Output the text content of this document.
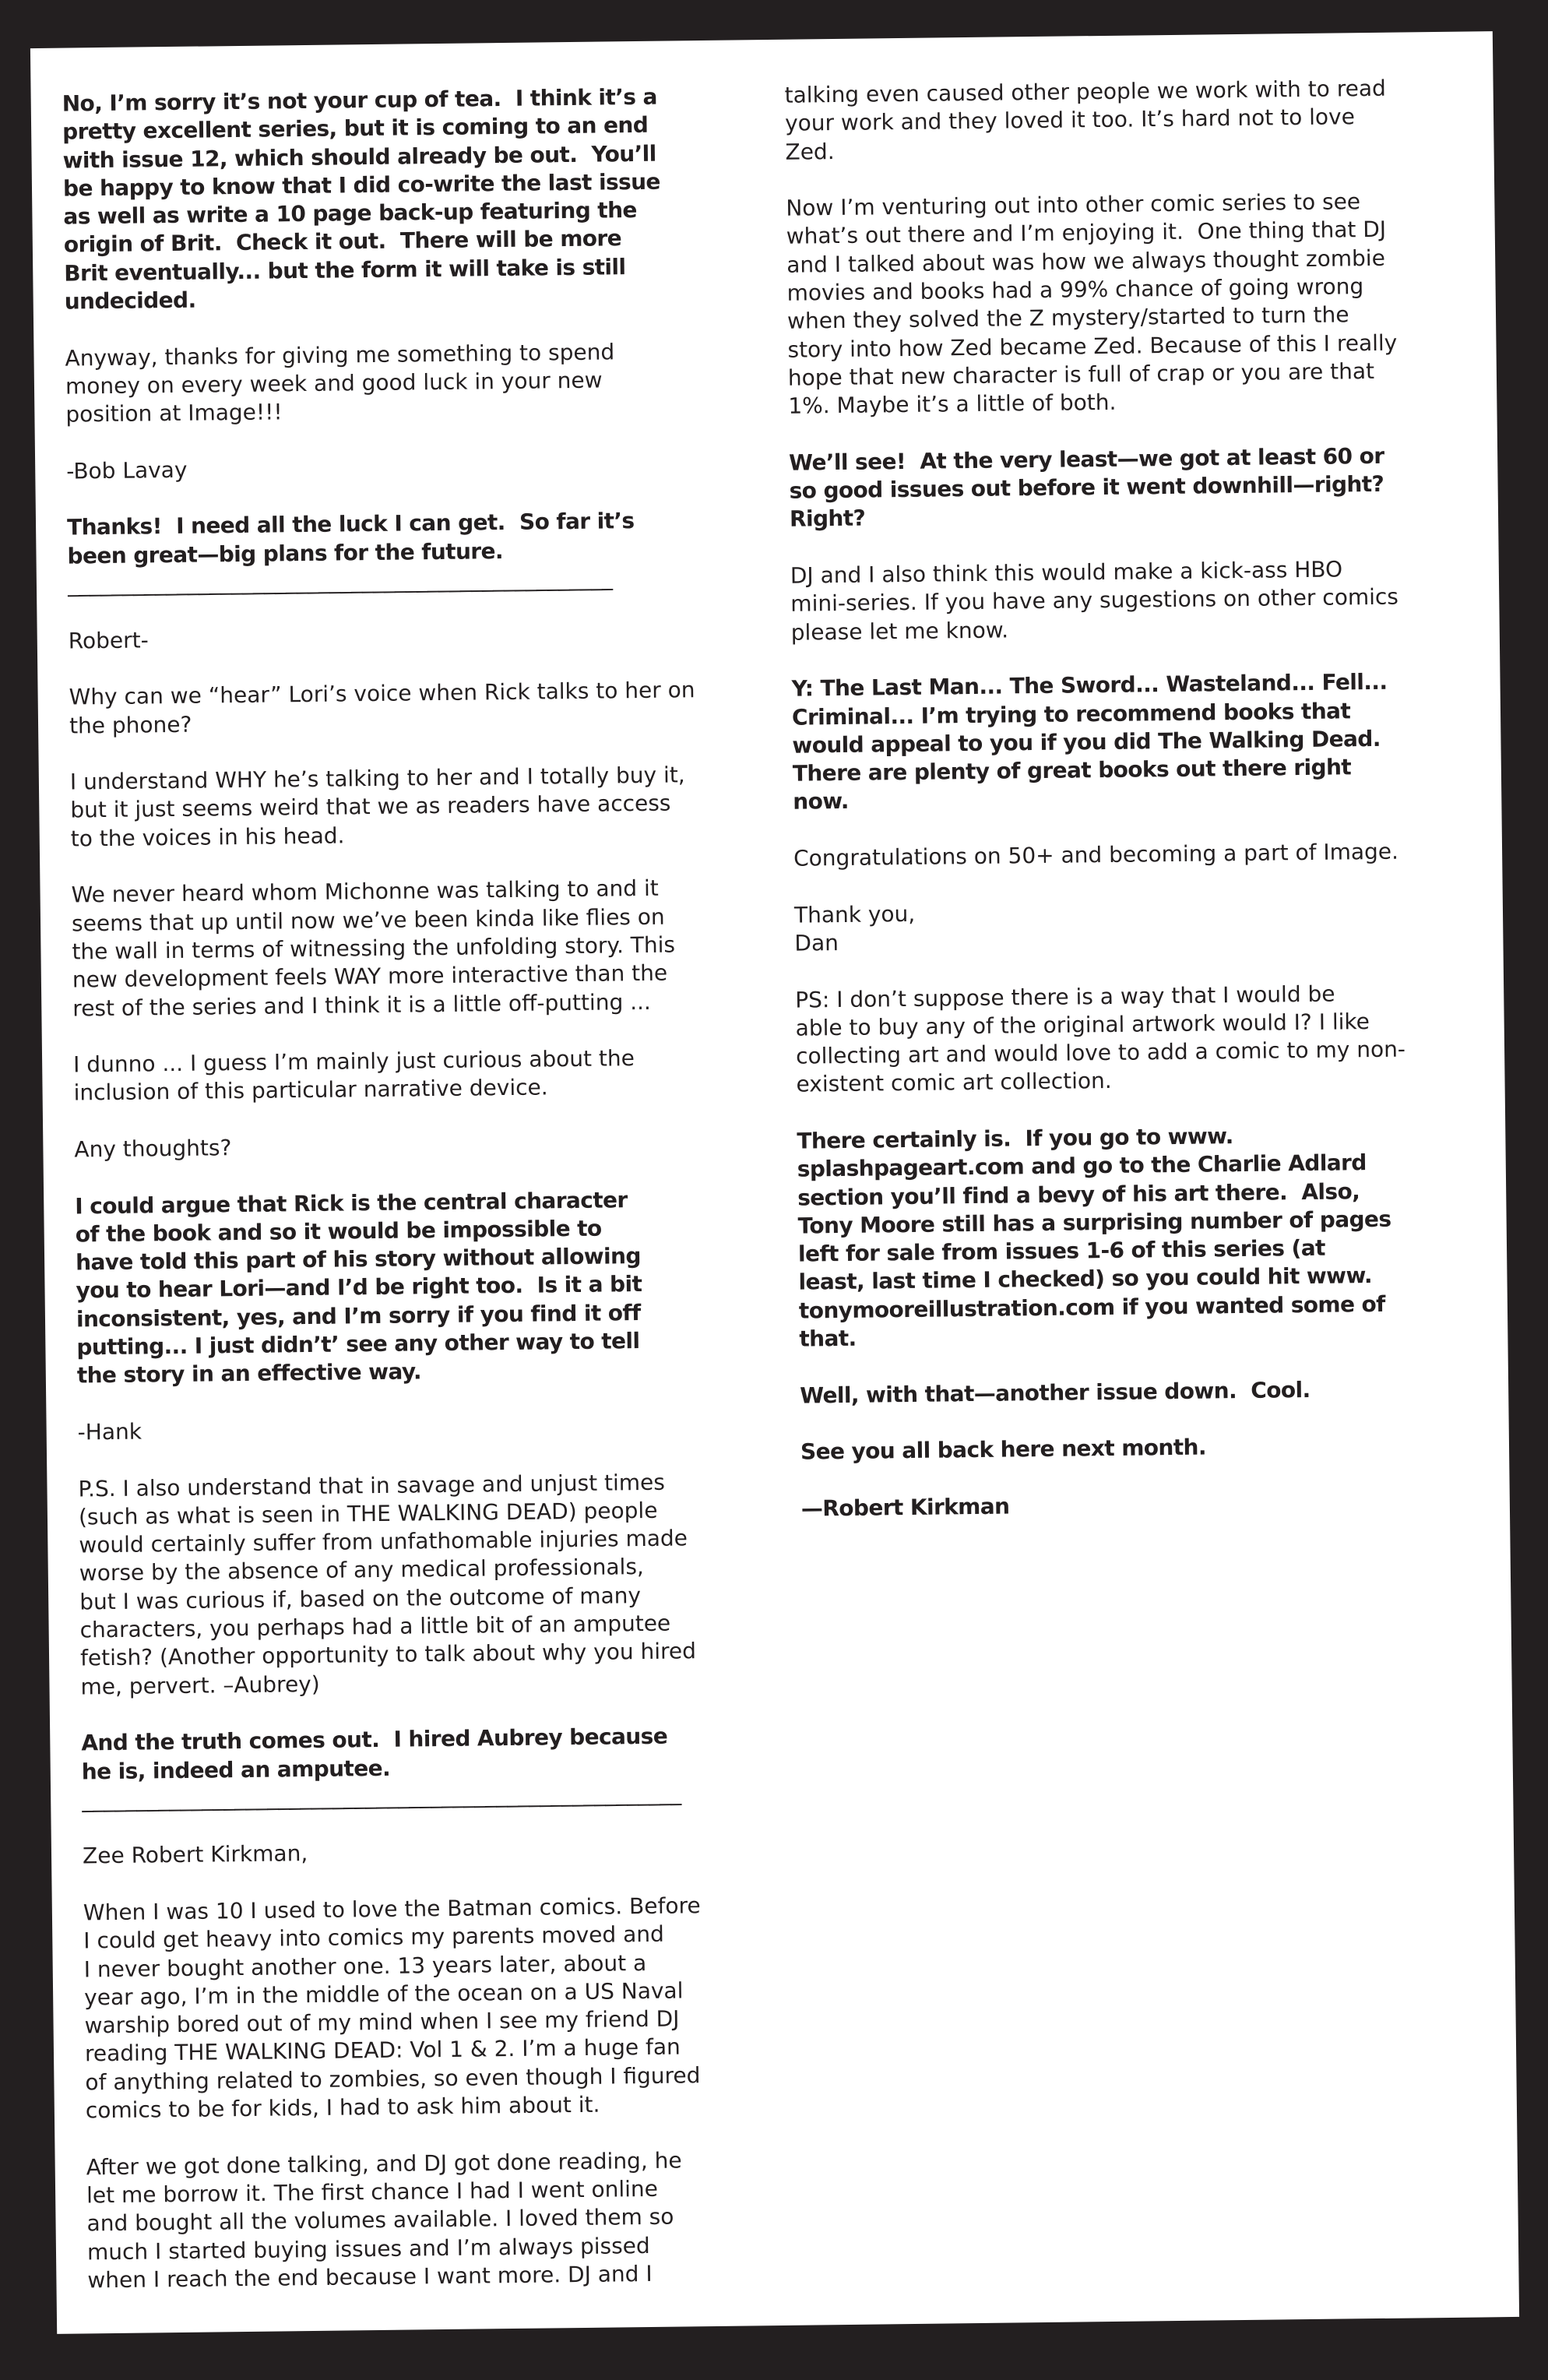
No, I’m sorry it’s not your cup of tea.  I think it’s a
pretty excellent series, but it is coming to an end
with issue 12, which should already be out.  You’ll
be happy to know that I did co-write the last issue
as well as write a 10 page back-up featuring the
origin of Brit.  Check it out.  There will be more
Brit eventually... but the form it will take is still
undecided.
Anyway, thanks for giving me something to spend
money on every week and good luck in your new
position at Image!!!
-Bob Lavay
Thanks!  I need all the luck I can get.  So far it’s
been great—big plans for the future.
__________________________________________________
Robert-
Why can we “hear” Lori’s voice when Rick talks to her on
the phone?
I understand WHY he’s talking to her and I totally buy it,
but it just seems weird that we as readers have access
to the voices in his head.
We never heard whom Michonne was talking to and it
seems that up until now we’ve been kinda like flies on
the wall in terms of witnessing the unfolding story. This
new development feels WAY more interactive than the
rest of the series and I think it is a little off-putting ...
I dunno ... I guess I’m mainly just curious about the
inclusion of this particular narrative device.
Any thoughts?
I could argue that Rick is the central character
of the book and so it would be impossible to
have told this part of his story without allowing
you to hear Lori—and I’d be right too.  Is it a bit
inconsistent, yes, and I’m sorry if you find it off
putting... I just didn’t’ see any other way to tell
the story in an effective way.
-Hank
P.S. I also understand that in savage and unjust times
(such as what is seen in THE WALKING DEAD) people
would certainly suffer from unfathomable injuries made
worse by the absence of any medical professionals,
but I was curious if, based on the outcome of many
characters, you perhaps had a little bit of an amputee
fetish? (Another opportunity to talk about why you hired
me, pervert. –Aubrey)
And the truth comes out.  I hired Aubrey because
he is, indeed an amputee.
_______________________________________________________
Zee Robert Kirkman,
When I was 10 I used to love the Batman comics. Before
I could get heavy into comics my parents moved and
I never bought another one. 13 years later, about a
year ago, I’m in the middle of the ocean on a US Naval
warship bored out of my mind when I see my friend DJ
reading THE WALKING DEAD: Vol 1 & 2. I’m a huge fan
of anything related to zombies, so even though I figured
comics to be for kids, I had to ask him about it.
After we got done talking, and DJ got done reading, he
let me borrow it. The first chance I had I went online
and bought all the volumes available. I loved them so
much I started buying issues and I’m always pissed
when I reach the end because I want more. DJ and I
talking even caused other people we work with to read
your work and they loved it too. It’s hard not to love
Zed.
Now I’m venturing out into other comic series to see
what’s out there and I’m enjoying it.  One thing that DJ
and I talked about was how we always thought zombie
movies and books had a 99% chance of going wrong
when they solved the Z mystery/started to turn the
story into how Zed became Zed. Because of this I really
hope that new character is full of crap or you are that
1%. Maybe it’s a little of both.
We’ll see!  At the very least—we got at least 60 or
so good issues out before it went downhill—right?
Right?
DJ and I also think this would make a kick-ass HBO
mini-series. If you have any sugestions on other comics
please let me know.
Y: The Last Man... The Sword... Wasteland... Fell...
Criminal... I’m trying to recommend books that
would appeal to you if you did The Walking Dead.
There are plenty of great books out there right
now.
Congratulations on 50+ and becoming a part of Image.
Thank you,
Dan
PS: I don’t suppose there is a way that I would be
able to buy any of the original artwork would I? I like
collecting art and would love to add a comic to my non-
existent comic art collection.
There certainly is.  If you go to www.
splashpageart.com and go to the Charlie Adlard
section you’ll find a bevy of his art there.  Also,
Tony Moore still has a surprising number of pages
left for sale from issues 1-6 of this series (at
least, last time I checked) so you could hit www.
tonymooreillustration.com if you wanted some of
that.
Well, with that—another issue down.  Cool.
See you all back here next month.
—Robert Kirkman
